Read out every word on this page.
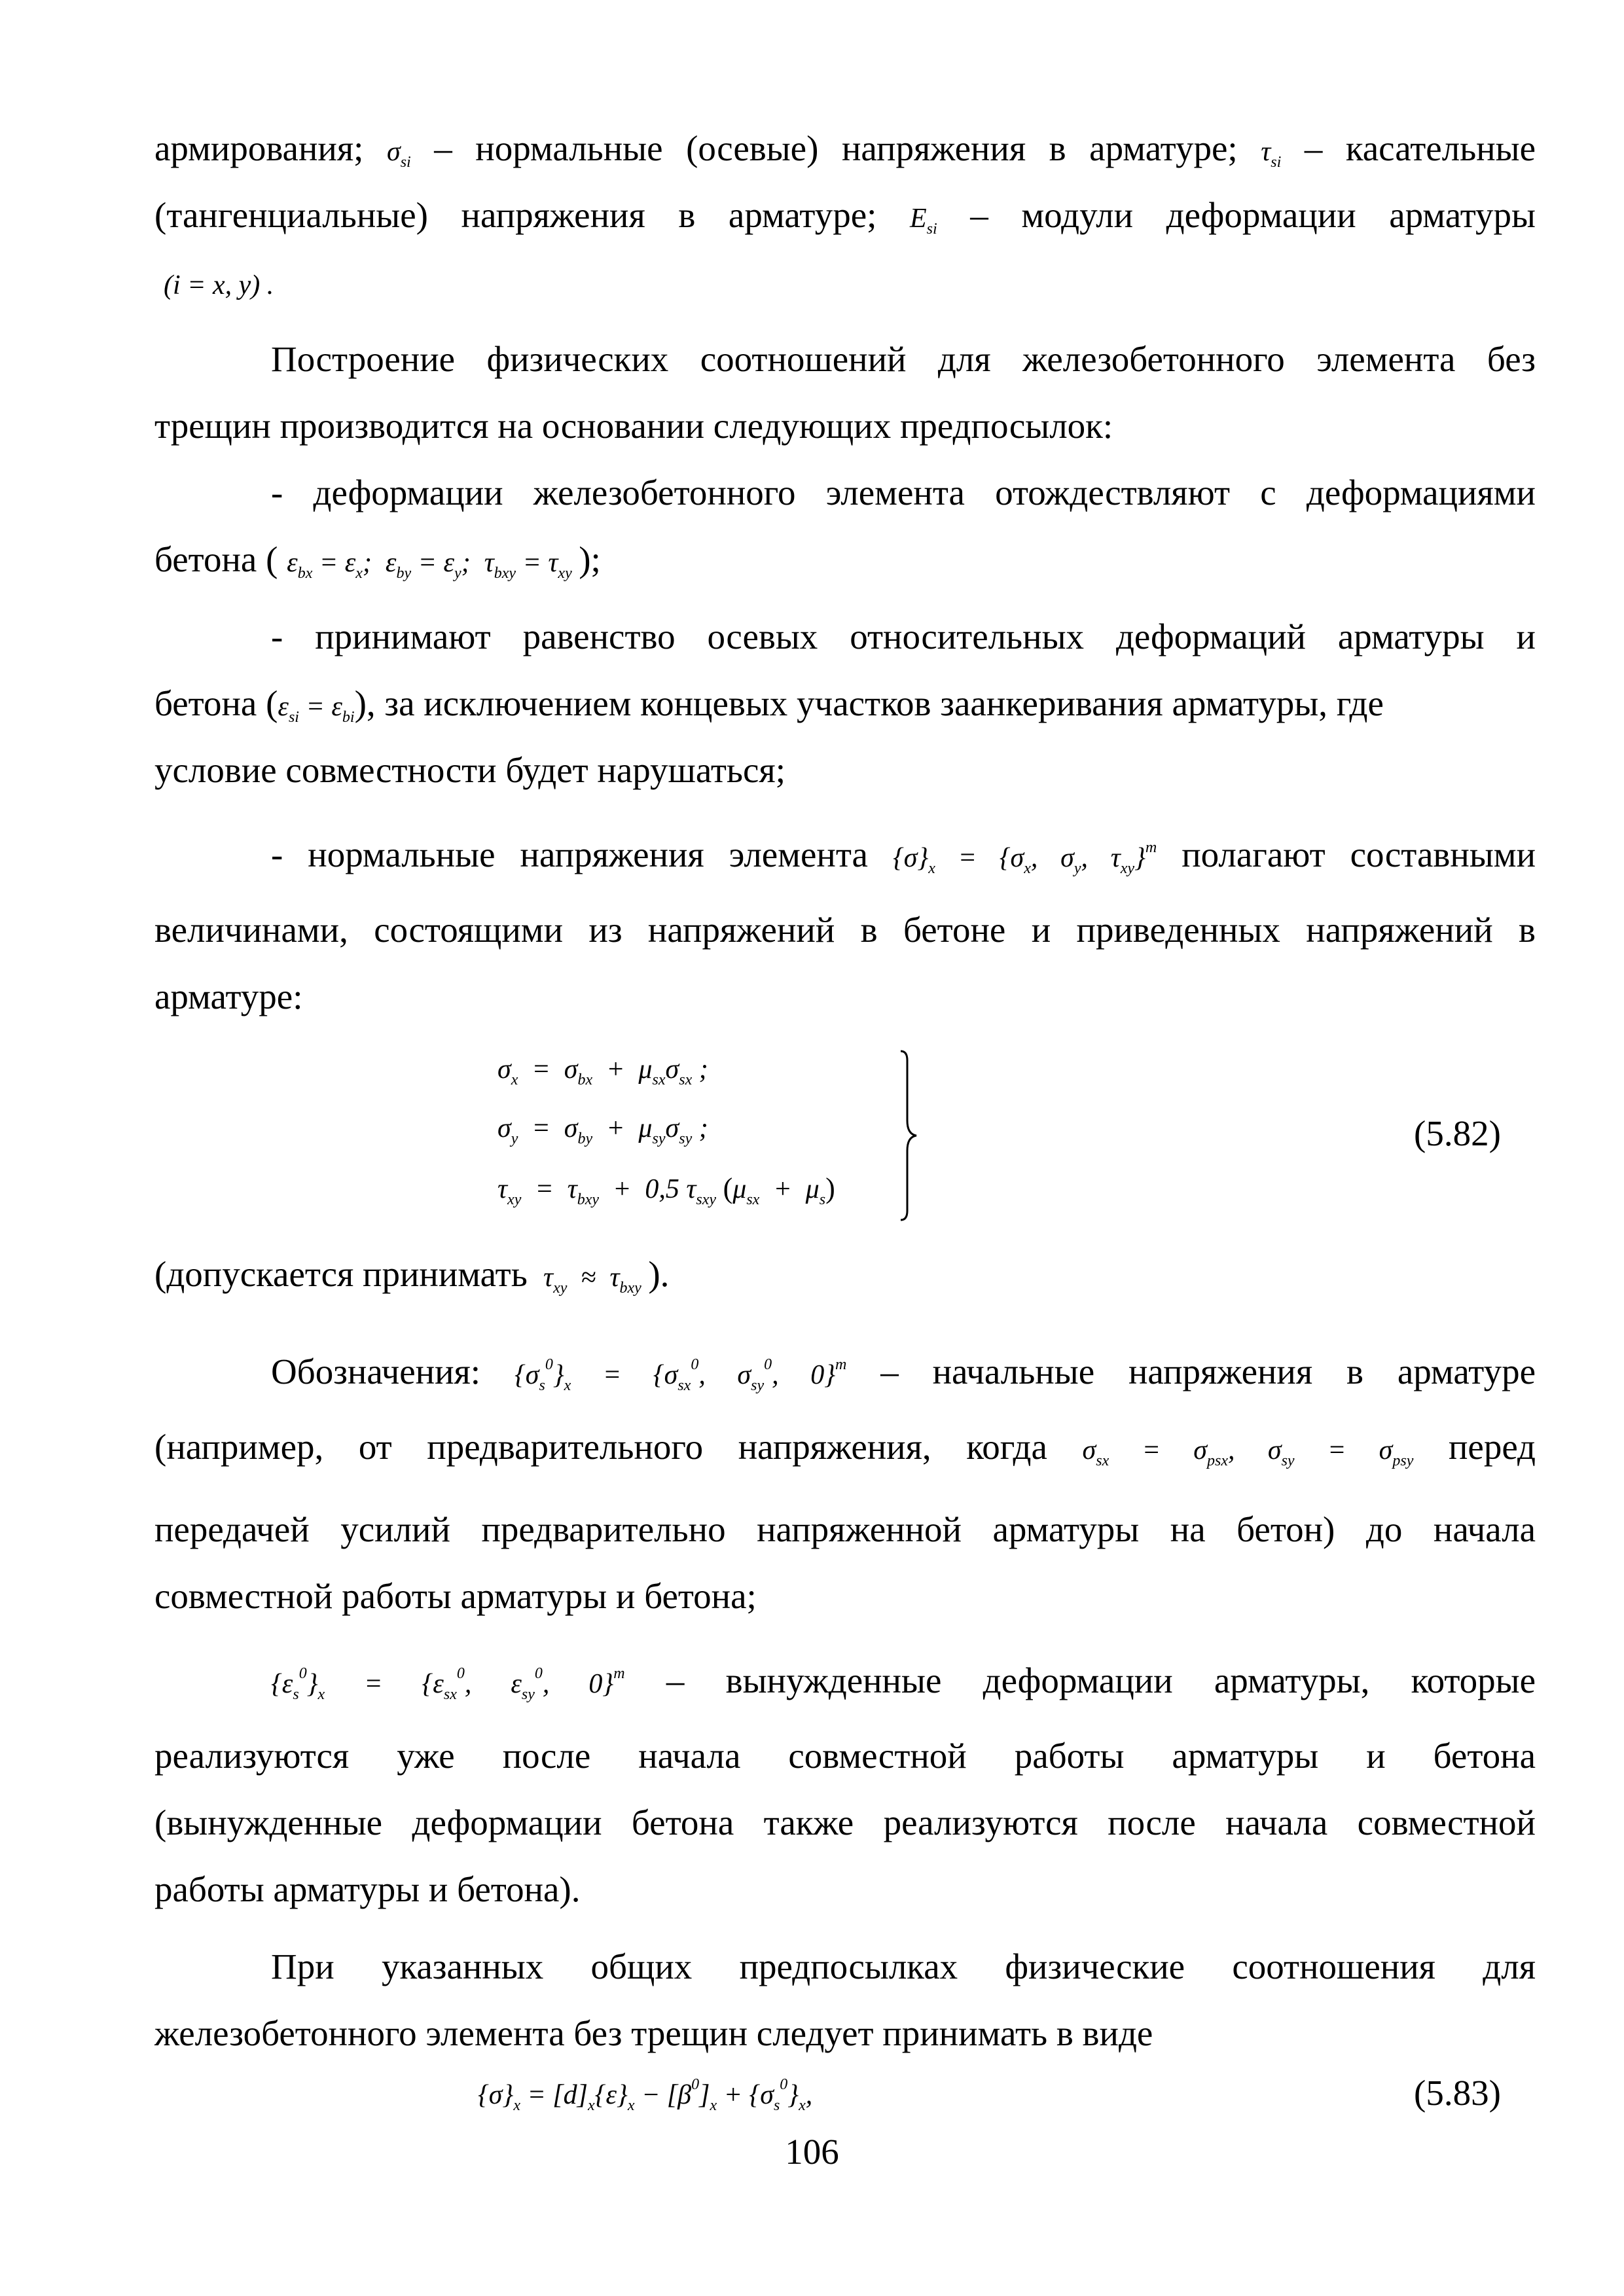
армирования; $\sigma_{si}$ – нормальные (осевые) напряжения в арматуре; $\tau_{si}$ – касательные
(тангенциальные) напряжения в арматуре; $E_{si}$ – модули деформации арматуры
(i = x, y) .
Построение физических соотношений для железобетонного элемента без
трещин производится на основании следующих предпосылок:
- деформации железобетонного элемента отождествляют с деформациями
бетона ( $\varepsilon_{bx} = \varepsilon_x$;  $\varepsilon_{by} = \varepsilon_y$;  $\tau_{bxy} = \tau_{xy}$ );
- принимают равенство осевых относительных деформаций арматуры и
бетона $(\varepsilon_{si} = \varepsilon_{bi})$, за исключением концевых участков заанкеривания арматуры, где
условие совместности будет нарушаться;
- нормальные напряжения элемента $\{\sigma\}_x = \{\sigma_x$, $\sigma_y$, $\tau_{xy}\}^т$ полагают составными
величинами, состоящими из напряжений в бетоне и приведенных напряжений в
арматуре:
$\sigma_x = \sigma_{bx} + \mu_{sx}\sigma_{sx}$ ;
$\sigma_y = \sigma_{by} + \mu_{sy}\sigma_{sy}$ ;
$\tau_{xy} = \tau_{bxy} + 0,5$ $\tau_{sxy}$ $(\mu_{sx} + \mu_s)$
(5.82)
(допускается принимать  $\tau_{xy} \approx \tau_{bxy}$ ).
Обозначения: $\{\sigma_s^0\}_x = \{\sigma_{sx}^0$, $\sigma_{sy}^0$, 0}$^т$ – начальные напряжения в арматуре
(например, от предварительного напряжения, когда $\sigma_{sx} = \sigma_{psx}$, $\sigma_{sy} = \sigma_{psy}$ перед
передачей усилий предварительно напряженной арматуры на бетон) до начала
совместной работы арматуры и бетона;
$\{\varepsilon_s^0\}_x = \{\varepsilon_{sx}^0$, $\varepsilon_{sy}^0$, 0}$^т$ – вынужденные деформации арматуры, которые
реализуются уже после начала совместной работы арматуры и бетона
(вынужденные деформации бетона также реализуются после начала совместной
работы арматуры и бетона).
При указанных общих предпосылках физические соотношения для
железобетонного элемента без трещин следует принимать в виде
$\{\sigma\}_x = [d]_x\{\varepsilon\}_x - [\beta^0]_x + \{\sigma_s^0\}_x$,	(5.83)
106
